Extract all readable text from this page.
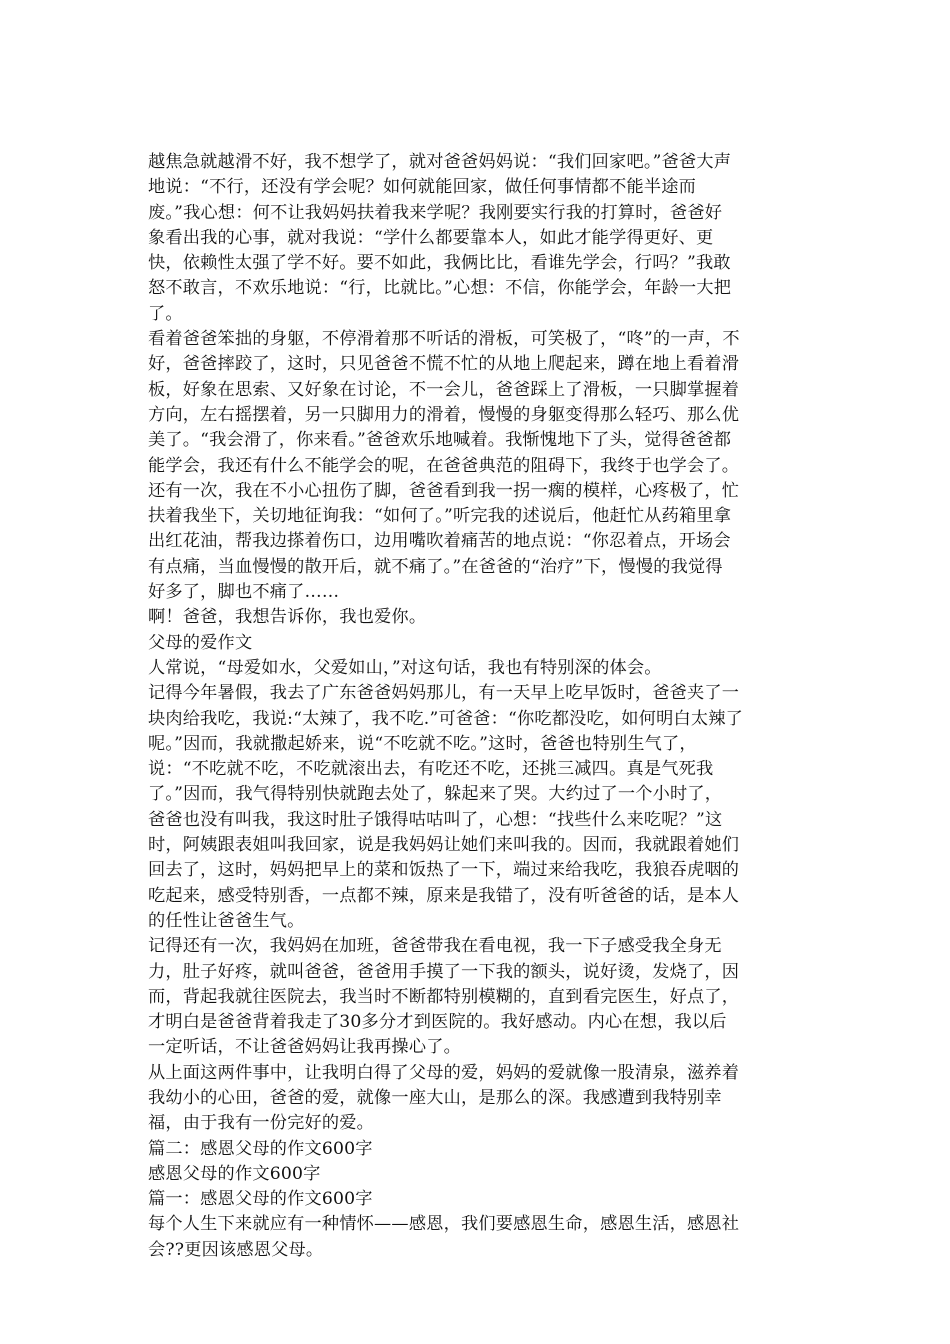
越焦急就越滑不好，我不想学了，就对爸爸妈妈说：“我们回家吧。”爸爸大声
地说：“不行，还没有学会呢？如何就能回家，做任何事情都不能半途而
废。”我心想：何不让我妈妈扶着我来学呢？我刚要实行我的打算时，爸爸好
象看出我的心事，就对我说：“学什么都要靠本人，如此才能学得更好、更
快，依赖性太强了学不好。要不如此，我俩比比，看谁先学会，行吗？”我敢
怒不敢言，不欢乐地说：“行，比就比。”心想：不信，你能学会，年龄一大把
了。

看着爸爸笨拙的身躯，不停滑着那不听话的滑板，可笑极了，“咚”的一声，不
好，爸爸摔跤了，这时，只见爸爸不慌不忙的从地上爬起来，蹲在地上看着滑
板，好象在思索、又好象在讨论，不一会儿，爸爸踩上了滑板，一只脚掌握着
方向，左右摇摆着，另一只脚用力的滑着，慢慢的身躯变得那么轻巧、那么优
美了。“我会滑了，你来看。”爸爸欢乐地喊着。我惭愧地下了头，觉得爸爸都
能学会，我还有什么不能学会的呢，在爸爸典范的阻碍下，我终于也学会了。

还有一次，我在不小心扭伤了脚，爸爸看到我一拐一瘸的模样，心疼极了，忙
扶着我坐下，关切地征询我：“如何了。”听完我的述说后，他赶忙从药箱里拿
出红花油，帮我边搽着伤口，边用嘴吹着痛苦的地点说：“你忍着点，开场会
有点痛，当血慢慢的散开后，就不痛了。”在爸爸的“治疗”下，慢慢的我觉得
好多了，脚也不痛了……

啊！爸爸，我想告诉你，我也爱你。

父母的爱作文

人常说，“母爱如水，父爱如山，”对这句话，我也有特别深的体会。

记得今年暑假，我去了广东爸爸妈妈那儿，有一天早上吃早饭时，爸爸夹了一
块肉给我吃，我说:“太辣了，我不吃.”可爸爸：“你吃都没吃，如何明白太辣了
呢。”因而，我就撒起娇来，说“不吃就不吃。”这时，爸爸也特别生气了，
说：“不吃就不吃，不吃就滚出去，有吃还不吃，还挑三减四。真是气死我
了。”因而，我气得特别快就跑去处了，躲起来了哭。大约过了一个小时了，
爸爸也没有叫我，我这时肚子饿得咕咕叫了，心想：“找些什么来吃呢？”这
时，阿姨跟表姐叫我回家，说是我妈妈让她们来叫我的。因而，我就跟着她们
回去了，这时，妈妈把早上的菜和饭热了一下，端过来给我吃，我狼吞虎咽的
吃起来，感受特别香，一点都不辣，原来是我错了，没有听爸爸的话，是本人
的任性让爸爸生气。

记得还有一次，我妈妈在加班，爸爸带我在看电视，我一下子感受我全身无
力，肚子好疼，就叫爸爸，爸爸用手摸了一下我的额头，说好烫，发烧了，因
而，背起我就往医院去，我当时不断都特别模糊的，直到看完医生，好点了，
才明白是爸爸背着我走了30多分才到医院的。我好感动。内心在想，我以后
一定听话，不让爸爸妈妈让我再操心了。

从上面这两件事中，让我明白得了父母的爱，妈妈的爱就像一股清泉，滋养着
我幼小的心田，爸爸的爱，就像一座大山，是那么的深。我感遭到我特别幸
福，由于我有一份完好的爱。

篇二：感恩父母的作文600字

感恩父母的作文600字

篇一：感恩父母的作文600字

每个人生下来就应有一种情怀——感恩，我们要感恩生命，感恩生活，感恩社
会??更因该感恩父母。
